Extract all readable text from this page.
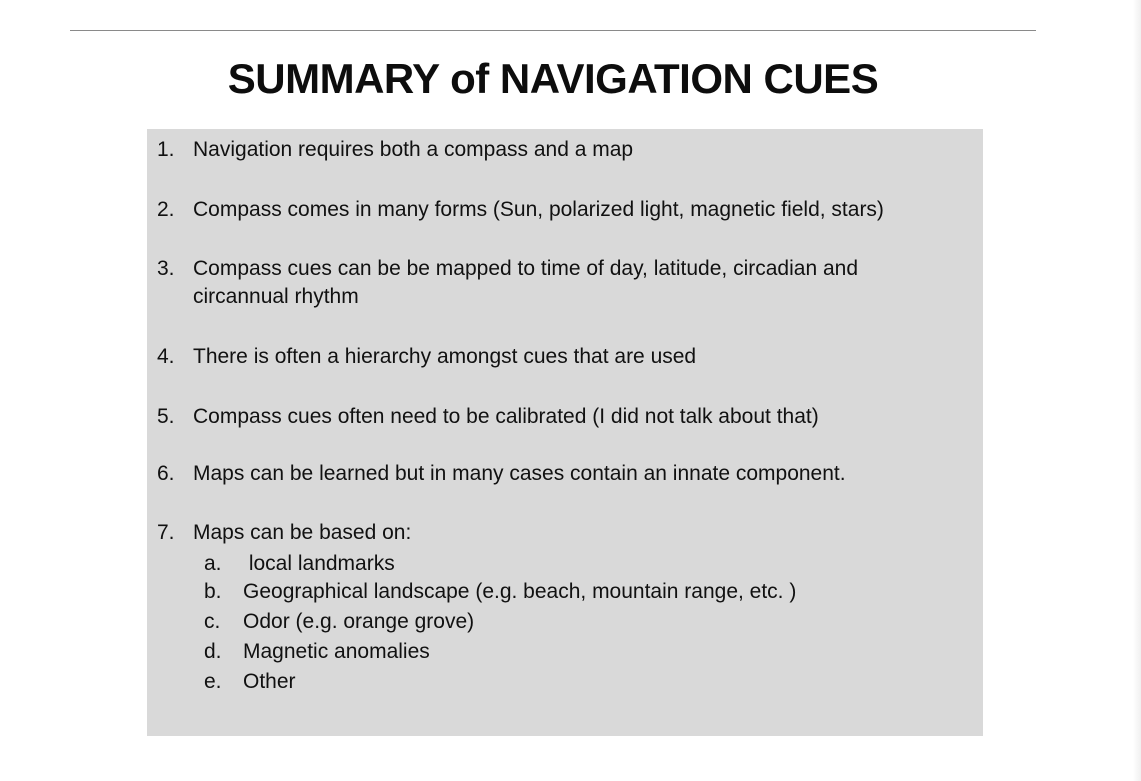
SUMMARY of NAVIGATION CUES
1. Navigation requires both a compass and a map
2. Compass comes in many forms (Sun, polarized light, magnetic field, stars)
3. Compass cues can be be mapped to time of day, latitude, circadian and circannual rhythm
4. There is often a hierarchy amongst cues that are used
5. Compass cues often need to be calibrated (I did not talk about that)
6. Maps can be learned but in many cases contain an innate component.
7. Maps can be based on:
a.	local landmarks
b.	Geographical landscape (e.g. beach, mountain range, etc. )
c.	Odor (e.g. orange grove)
d.	Magnetic anomalies
e.	Other
